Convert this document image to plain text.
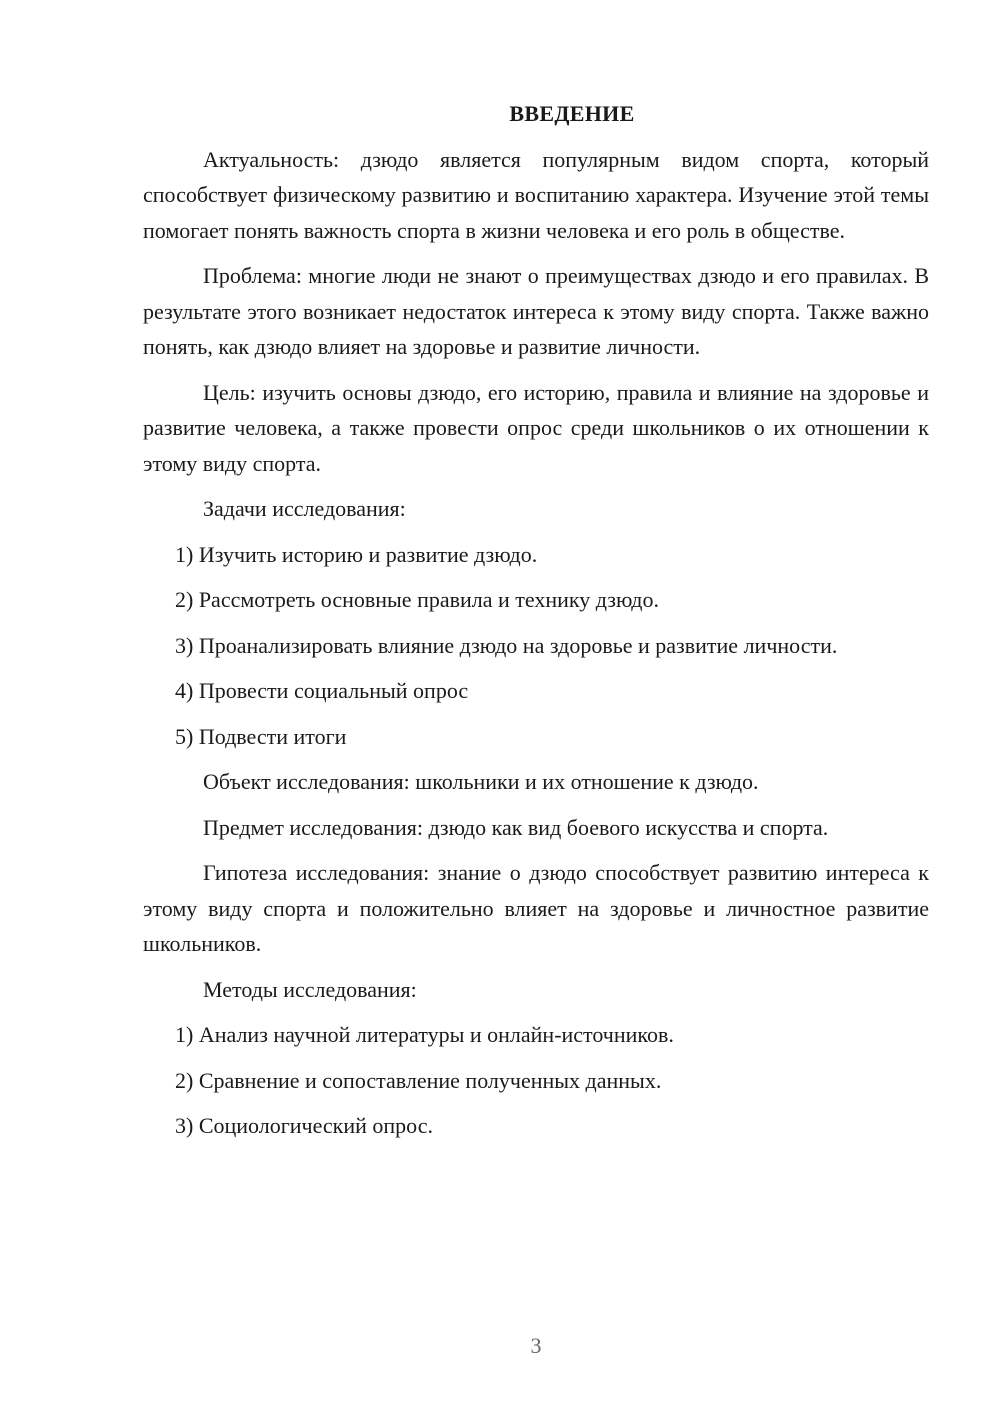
ВВЕДЕНИЕ

Актуальность: дзюдо является популярным видом спорта, который способствует физическому развитию и воспитанию характера. Изучение этой темы помогает понять важность спорта в жизни человека и его роль в обществе.

Проблема: многие люди не знают о преимуществах дзюдо и его правилах. В результате этого возникает недостаток интереса к этому виду спорта. Также важно понять, как дзюдо влияет на здоровье и развитие личности.

Цель: изучить основы дзюдо, его историю, правила и влияние на здоровье и развитие человека, а также провести опрос среди школьников о их отношении к этому виду спорта.

Задачи исследования:

1) Изучить историю и развитие дзюдо.
2) Рассмотреть основные правила и технику дзюдо.
3) Проанализировать влияние дзюдо на здоровье и развитие личности.
4) Провести социальный опрос
5) Подвести итоги

Объект исследования: школьники и их отношение к дзюдо.

Предмет исследования: дзюдо как вид боевого искусства и спорта.

Гипотеза исследования: знание о дзюдо способствует развитию интереса к этому виду спорта и положительно влияет на здоровье и личностное развитие школьников.

Методы исследования:

1) Анализ научной литературы и онлайн-источников.
2) Сравнение и сопоставление полученных данных.
3) Социологический опрос.
3
